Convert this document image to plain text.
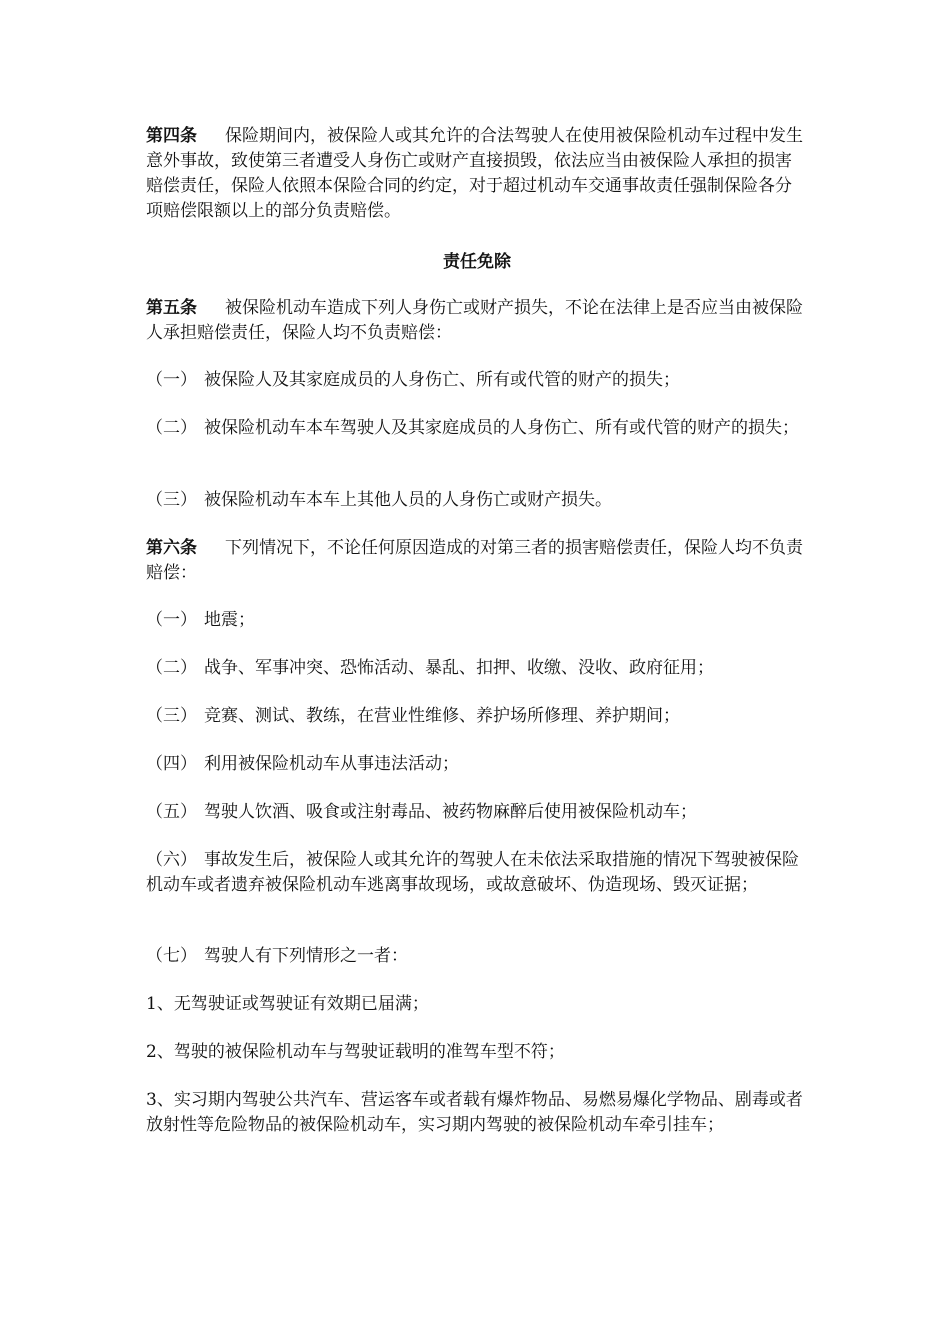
第四条 保险期间内，被保险人或其允许的合法驾驶人在使用被保险机动车过程中发生意外事故，致使第三者遭受人身伤亡或财产直接损毁，依法应当由被保险人承担的损害赔偿责任，保险人依照本保险合同的约定，对于超过机动车交通事故责任强制保险各分项赔偿限额以上的部分负责赔偿。

责任免除

第五条 被保险机动车造成下列人身伤亡或财产损失，不论在法律上是否应当由被保险人承担赔偿责任，保险人均不负责赔偿：

（一） 被保险人及其家庭成员的人身伤亡、所有或代管的财产的损失；

（二） 被保险机动车本车驾驶人及其家庭成员的人身伤亡、所有或代管的财产的损失；

（三） 被保险机动车本车上其他人员的人身伤亡或财产损失。

第六条 下列情况下，不论任何原因造成的对第三者的损害赔偿责任，保险人均不负责赔偿：

（一） 地震；

（二） 战争、军事冲突、恐怖活动、暴乱、扣押、收缴、没收、政府征用；

（三） 竞赛、测试、教练，在营业性维修、养护场所修理、养护期间；

（四） 利用被保险机动车从事违法活动；

（五） 驾驶人饮酒、吸食或注射毒品、被药物麻醉后使用被保险机动车；

（六） 事故发生后，被保险人或其允许的驾驶人在未依法采取措施的情况下驾驶被保险机动车或者遗弃被保险机动车逃离事故现场，或故意破坏、伪造现场、毁灭证据；

（七） 驾驶人有下列情形之一者：

1、无驾驶证或驾驶证有效期已届满；

2、驾驶的被保险机动车与驾驶证载明的准驾车型不符；

3、实习期内驾驶公共汽车、营运客车或者载有爆炸物品、易燃易爆化学物品、剧毒或者放射性等危险物品的被保险机动车，实习期内驾驶的被保险机动车牵引挂车；
